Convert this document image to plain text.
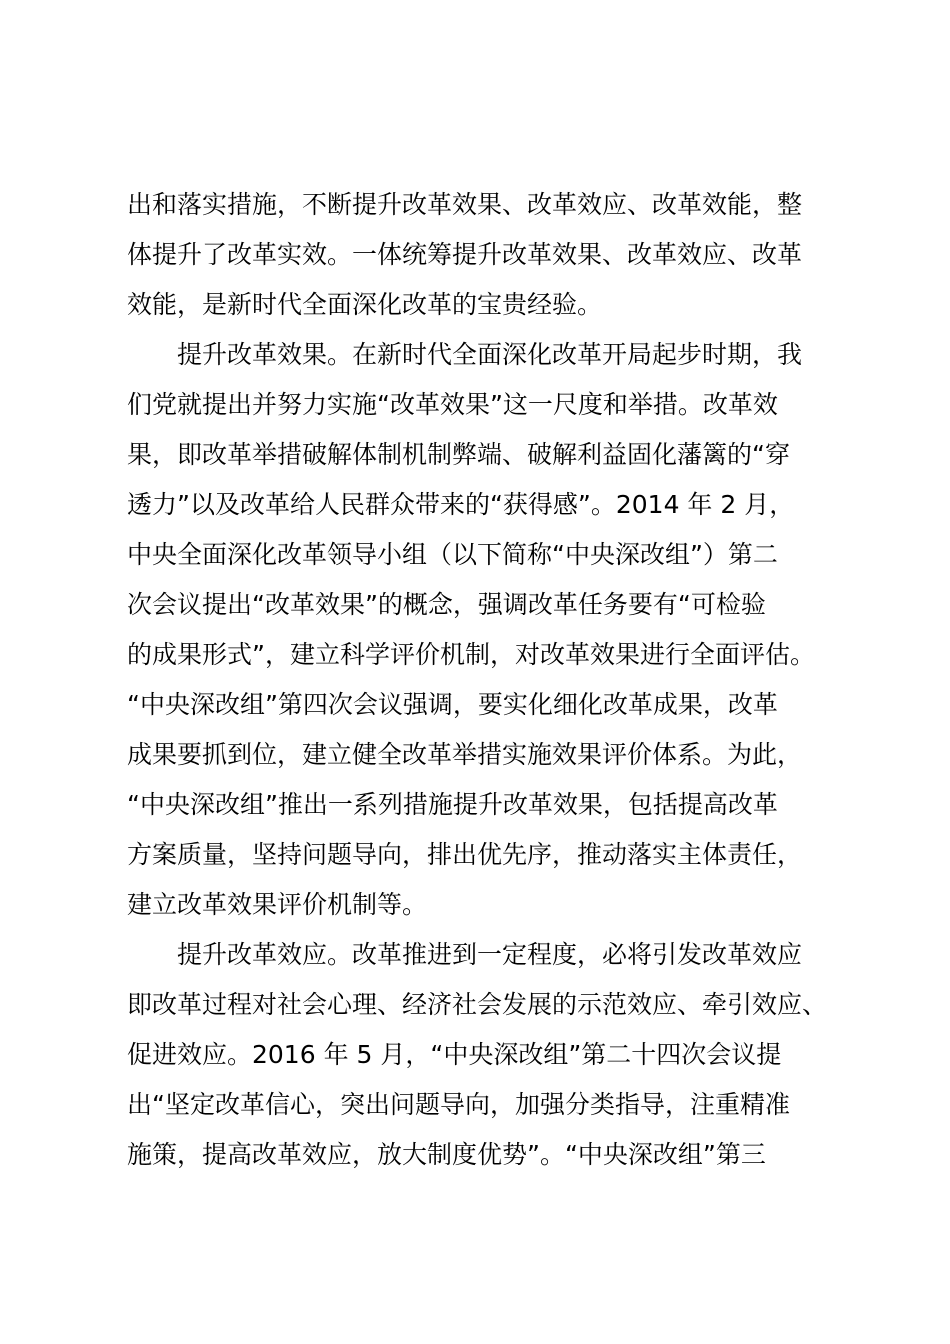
出和落实措施，不断提升改革效果、改革效应、改革效能，整
体提升了改革实效。一体统筹提升改革效果、改革效应、改革
效能，是新时代全面深化改革的宝贵经验。
　　提升改革效果。在新时代全面深化改革开局起步时期，我
们党就提出并努力实施“改革效果”这一尺度和举措。改革效
果，即改革举措破解体制机制弊端、破解利益固化藩篱的“穿
透力”以及改革给人民群众带来的“获得感”。2014 年 2 月，
中央全面深化改革领导小组（以下简称“中央深改组”）第二
次会议提出“改革效果”的概念，强调改革任务要有“可检验
的成果形式”，建立科学评价机制，对改革效果进行全面评估。
“中央深改组”第四次会议强调，要实化细化改革成果，改革
成果要抓到位，建立健全改革举措实施效果评价体系。为此，
“中央深改组”推出一系列措施提升改革效果，包括提高改革
方案质量，坚持问题导向，排出优先序，推动落实主体责任，
建立改革效果评价机制等。
　　提升改革效应。改革推进到一定程度，必将引发改革效应
即改革过程对社会心理、经济社会发展的示范效应、牵引效应、
促进效应。2016 年 5 月，“中央深改组”第二十四次会议提
出“坚定改革信心，突出问题导向，加强分类指导，注重精准
施策，提高改革效应，放大制度优势”。“中央深改组”第三
